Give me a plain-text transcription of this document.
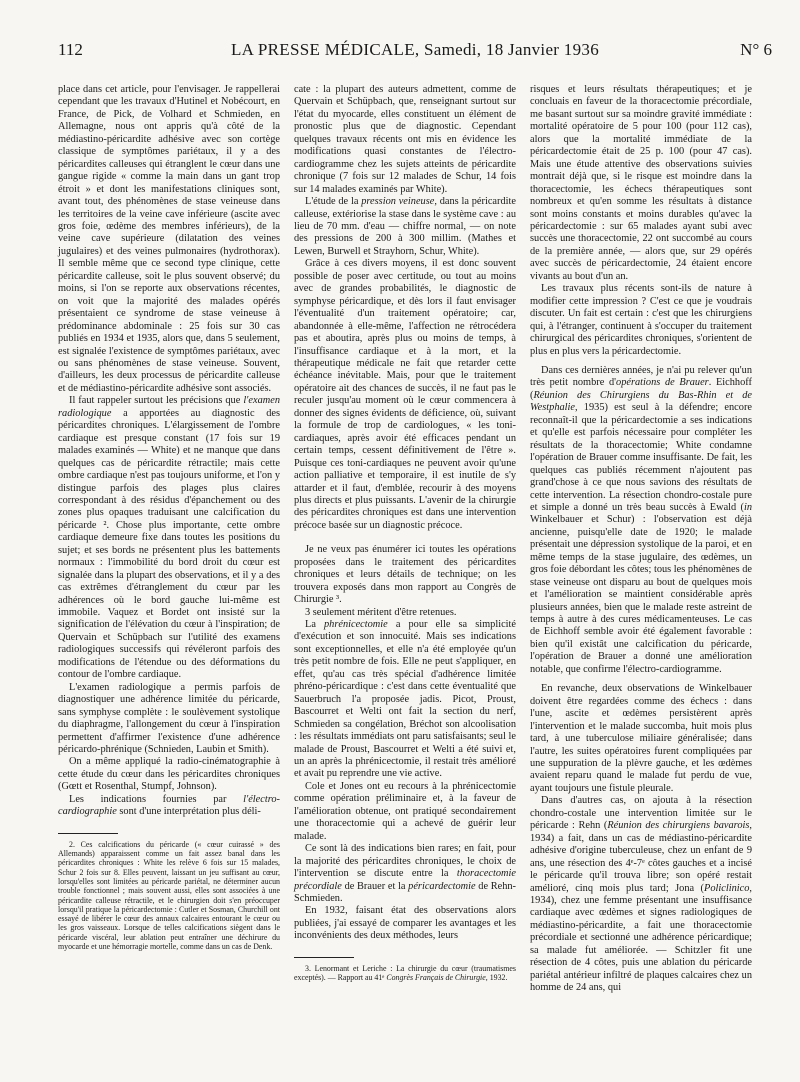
112	LA PRESSE MÉDICALE, Samedi, 18 Janvier 1936	N° 6

place dans cet article, pour l'envisager. Je rappellerai cependant que les travaux d'Hutinel et Nobécourt, en France, de Pick, de Volhard et Schmieden, en Allemagne, nous ont appris qu'à côté de la médiastino-péricardite adhésive avec son cortège classique de symptômes pariétaux, il y a des péricardites calleuses qui étranglent le cœur dans une gangue rigide « comme la main dans un gant trop étroit » et dont les manifestations cliniques sont, avant tout, des phénomènes de stase veineuse dans les territoires de la veine cave inférieure (ascite avec gros foie, œdème des membres inférieurs), de la veine cave supérieure (dilatation des veines jugulaires) et des veines pulmonaires (hydrothorax). Il semble même que ce second type clinique, cette péricardite calleuse, soit le plus souvent observé; du moins, si l'on se reporte aux observations récentes, on voit que la majorité des malades opérés présentaient ce syndrome de stase veineuse à prédominance abdominale : 25 fois sur 30 cas publiés en 1934 et 1935, alors que, dans 5 seulement, est signalée l'existence de symptômes pariétaux, avec ou sans phénomènes de stase veineuse. Souvent, d'ailleurs, les deux processus de péricardite calleuse et de médiastino-péricardite adhésive sont associés.

Il faut rappeler surtout les précisions que l'examen radiologique a apportées au diagnostic des péricardites chroniques. L'élargissement de l'ombre cardiaque est presque constant (17 fois sur 19 malades examinés — White) et ne manque que dans quelques cas de péricardite rétractile; mais cette ombre cardiaque n'est pas toujours uniforme, et l'on y distingue parfois des plages plus claires correspondant à des résidus d'épanchement ou des zones plus opaques traduisant une calcification du péricarde ². Chose plus importante, cette ombre cardiaque demeure fixe dans toutes les positions du sujet; et ses bords ne présentent plus les battements normaux : l'immobilité du bord droit du cœur est signalée dans la plupart des observations, et il y a des cas extrêmes d'étranglement du cœur par les adhérences où le bord gauche lui-même est immobile. Vaquez et Bordet ont insisté sur la signification de l'élévation du cœur à l'inspiration; de Quervain et Schüpbach sur l'utilité des examens radiologiques successifs qui révéleront parfois des modifications de l'étendue ou des déformations du contour de l'ombre cardiaque.

L'examen radiologique a permis parfois de diagnostiquer une adhérence limitée du péricarde, sans symphyse complète : le soulèvement systolique du diaphragme, l'allongement du cœur à l'inspiration permettent d'affirmer l'existence d'une adhérence péricardo-phrénique (Schnieden, Laubin et Smith).

On a même appliqué la radio-cinématographie à cette étude du cœur dans les péricardites chroniques (Gœtt et Rosenthal, Stumpf, Johnson).

Les indications fournies par l'électro-cardiographie sont d'une interprétation plus déli-

2. Ces calcifications du péricarde (« cœur cuirassé » des Allemands) apparaissent comme un fait assez banal dans les péricardites chroniques : White les relève 6 fois sur 15 malades, Schur 2 fois sur 8. Elles peuvent, laissant un jeu suffisant au cœur, lorsqu'elles sont limitées au péricarde pariétal, ne déterminer aucun trouble fonctionnel ; mais souvent aussi, elles sont associées à une péricardite calleuse rétractile, et le chirurgien doit s'en préoccuper lorsqu'il pratique la péricardectomie : Cutler et Sosman, Churchill ont essayé de libérer le cœur des annaux calcaires entourant le cœur ou les gros vaisseaux. Lorsque de telles calcifications siègent dans le péricarde viscéral, leur ablation peut entraîner une déchirure du myocarde et une hémorragie mortelle, comme dans un cas de Denk.

cate : la plupart des auteurs admettent, comme de Quervain et Schüpbach, que, renseignant surtout sur l'état du myocarde, elles constituent un élément de pronostic plus que de diagnostic. Cependant quelques travaux récents ont mis en évidence les modifications quasi constantes de l'électro-cardiogramme chez les sujets atteints de péricardite chronique (7 fois sur 12 malades de Schur, 14 fois sur 14 malades examinés par White).

L'étude de la pression veineuse, dans la péricardite calleuse, extériorise la stase dans le système cave : au lieu de 70 mm. d'eau — chiffre normal, — on note des pressions de 200 à 300 millim. (Mathes et Lewen, Burwell et Strayhorn, Schur, White).

Grâce à ces divers moyens, il est donc souvent possible de poser avec certitude, ou tout au moins avec de grandes probabilités, le diagnostic de symphyse péricardique, et dès lors il faut envisager l'éventualité d'un traitement opératoire; car, abandonnée à elle-même, l'affection ne rétrocédera pas et aboutira, après plus ou moins de temps, à l'insuffisance cardiaque et à la mort, et la thérapeutique médicale ne fait que retarder cette échéance inévitable. Mais, pour que le traitement opératoire ait des chances de succès, il ne faut pas le reculer jusqu'au moment où le cœur commencera à donner des signes évidents de déficience, où, suivant la formule de trop de cardiologues, « les toni-cardiaques, après avoir été efficaces pendant un certain temps, cessent définitivement de l'être ». Puisque ces toni-cardiaques ne peuvent avoir qu'une action palliative et temporaire, il est inutile de s'y attarder et il faut, d'emblée, recourir à des moyens plus directs et plus puissants. L'avenir de la chirurgie des péricardites chroniques est dans une intervention précoce basée sur un diagnostic précoce.

Je ne veux pas énumérer ici toutes les opérations proposées dans le traitement des péricardites chroniques et leurs détails de technique; on les trouvera exposés dans mon rapport au Congrès de Chirurgie ³.

3 seulement méritent d'être retenues.

La phrénicectomie a pour elle sa simplicité d'exécution et son innocuité. Mais ses indications sont exceptionnelles, et elle n'a été employée qu'un très petit nombre de fois. Elle ne peut s'appliquer, en effet, qu'au cas très spécial d'adhérence limitée phréno-péricardique : c'est dans cette éventualité que Sauerbruch l'a proposée jadis. Picot, Proust, Bascourret et Welti ont fait la section du nerf, Schmieden sa congélation, Bréchot son alcoolisation : les résultats immédiats ont paru satisfaisants; seul le malade de Proust, Bascourret et Welti a été suivi et, un an après la phrénicectomie, il restait très amélioré et avait pu reprendre une vie active.

Cole et Jones ont eu recours à la phrénicectomie comme opération préliminaire et, à la faveur de l'amélioration obtenue, ont pratiqué secondairement une thoracectomie qui a achevé de guérir leur malade.

Ce sont là des indications bien rares; en fait, pour la majorité des péricardites chroniques, le choix de l'intervention se discute entre la thoracectomie précordiale de Brauer et la péricardectomie de Rehn-Schmieden.

En 1932, faisant état des observations alors publiées, j'ai essayé de comparer les avantages et les inconvénients des deux méthodes, leurs

3. Lenormant et Leriche : La chirurgie du cœur (traumatismes exceptés). — Rapport au 41ᵉ Congrès Français de Chirurgie, 1932.

risques et leurs résultats thérapeutiques; et je concluais en faveur de la thoracectomie précordiale, me basant surtout sur sa moindre gravité immédiate : mortalité opératoire de 5 pour 100 (pour 112 cas), alors que la mortalité immédiate de la péricardectomie était de 25 p. 100 (pour 47 cas). Mais une étude attentive des observations suivies montrait déjà que, si le risque est moindre dans la thoracectomie, les échecs thérapeutiques sont nombreux et qu'en somme les résultats à distance sont moins constants et moins durables qu'avec la péricardectomie : sur 65 malades ayant subi avec succès une thoracectomie, 22 ont succombé au cours de la première année, — alors que, sur 29 opérés avec succès de péricardectomie, 24 étaient encore vivants au bout d'un an.

Les travaux plus récents sont-ils de nature à modifier cette impression ? C'est ce que je voudrais discuter. Un fait est certain : c'est que les chirurgiens qui, à l'étranger, continuent à s'occuper du traitement chirurgical des péricardites chroniques, s'orientent de plus en plus vers la péricardectomie.

Dans ces dernières années, je n'ai pu relever qu'un très petit nombre d'opérations de Brauer. Eichhoff (Réunion des Chirurgiens du Bas-Rhin et de Westphalie, 1935) est seul à la défendre; encore reconnaît-il que la péricardectomie a ses indications et qu'elle est parfois nécessaire pour compléter les résultats de la thoracectomie; White condamne l'opération de Brauer comme insuffisante. De fait, les quelques cas publiés récemment n'ajoutent pas grand'chose à ce que nous savions des résultats de cette intervention. La résection chondro-costale pure et simple a donné un très beau succès à Ewald (in Winkelbauer et Schur) : l'observation est déjà ancienne, puisqu'elle date de 1920; le malade présentait une dépression systolique de la paroi, et en même temps de la stase jugulaire, des œdèmes, un gros foie débordant les côtes; tous les phénomènes de stase veineuse ont disparu au bout de quelques mois et l'amélioration se maintient considérable après plusieurs années, bien que le malade reste astreint de temps à autre à des cures médicamenteuses. Le cas de Eichhoff semble avoir été également favorable : bien qu'il existât une calcification du péricarde, l'opération de Brauer a donné une amélioration notable, que confirme l'électro-cardiogramme.

En revanche, deux observations de Winkelbauer doivent être regardées comme des échecs : dans l'une, ascite et œdèmes persistèrent après l'intervention et le malade succomba, huit mois plus tard, à une tuberculose miliaire généralisée; dans l'autre, les suites opératoires furent compliquées par une suppuration de la plèvre gauche, et les œdèmes avaient reparu quand le malade fut perdu de vue, ayant toujours une fistule pleurale.

Dans d'autres cas, on ajouta à la résection chondro-costale une intervention limitée sur le péricarde : Rehn (Réunion des chirurgiens bavarois, 1934) a fait, dans un cas de médiastino-péricardite adhésive d'origine tuberculeuse, chez un enfant de 9 ans, une résection des 4ᵉ-7ᵉ côtes gauches et a incisé le péricarde qu'il trouva libre; son opéré restait amélioré, cinq mois plus tard; Jona (Policlinico, 1934), chez une femme présentant une insuffisance cardiaque avec œdèmes et signes radiologiques de médiastino-péricardite, a fait une thoracectomie précordiale et sectionné une adhérence péricardique; sa malade fut améliorée. — Schitzler fit une résection de 4 côtes, puis une ablation du péricarde pariétal antérieur infiltré de plaques calcaires chez un homme de 24 ans, qui
